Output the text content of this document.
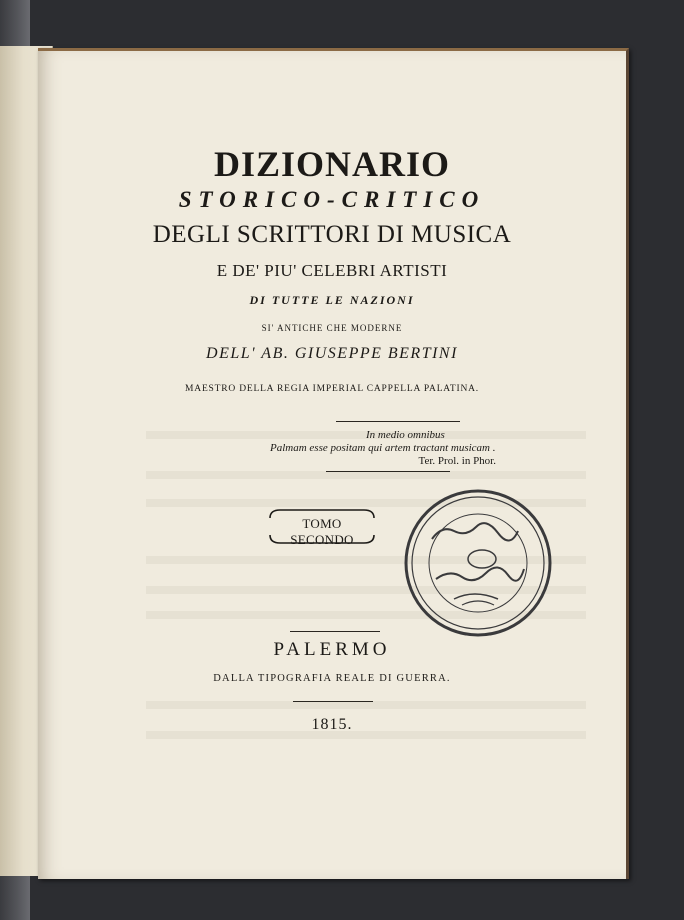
DIZIONARIO
STORICO-CRITICO
DEGLI SCRITTORI DI MUSICA
E DE' PIU' CELEBRI ARTISTI
DI TUTTE LE NAZIONI
SI' ANTICHE CHE MODERNE
DELL' AB. GIUSEPPE BERTINI
MAESTRO DELLA REGIA IMPERIAL CAPPELLA PALATINA.
In medio omnibus
Palmam esse positam qui artem tractant musicam .
Ter. Prol. in Phor.
TOMO SECONDO
PALERMO
DALLA TIPOGRAFIA REALE DI GUERRA.
1815.
